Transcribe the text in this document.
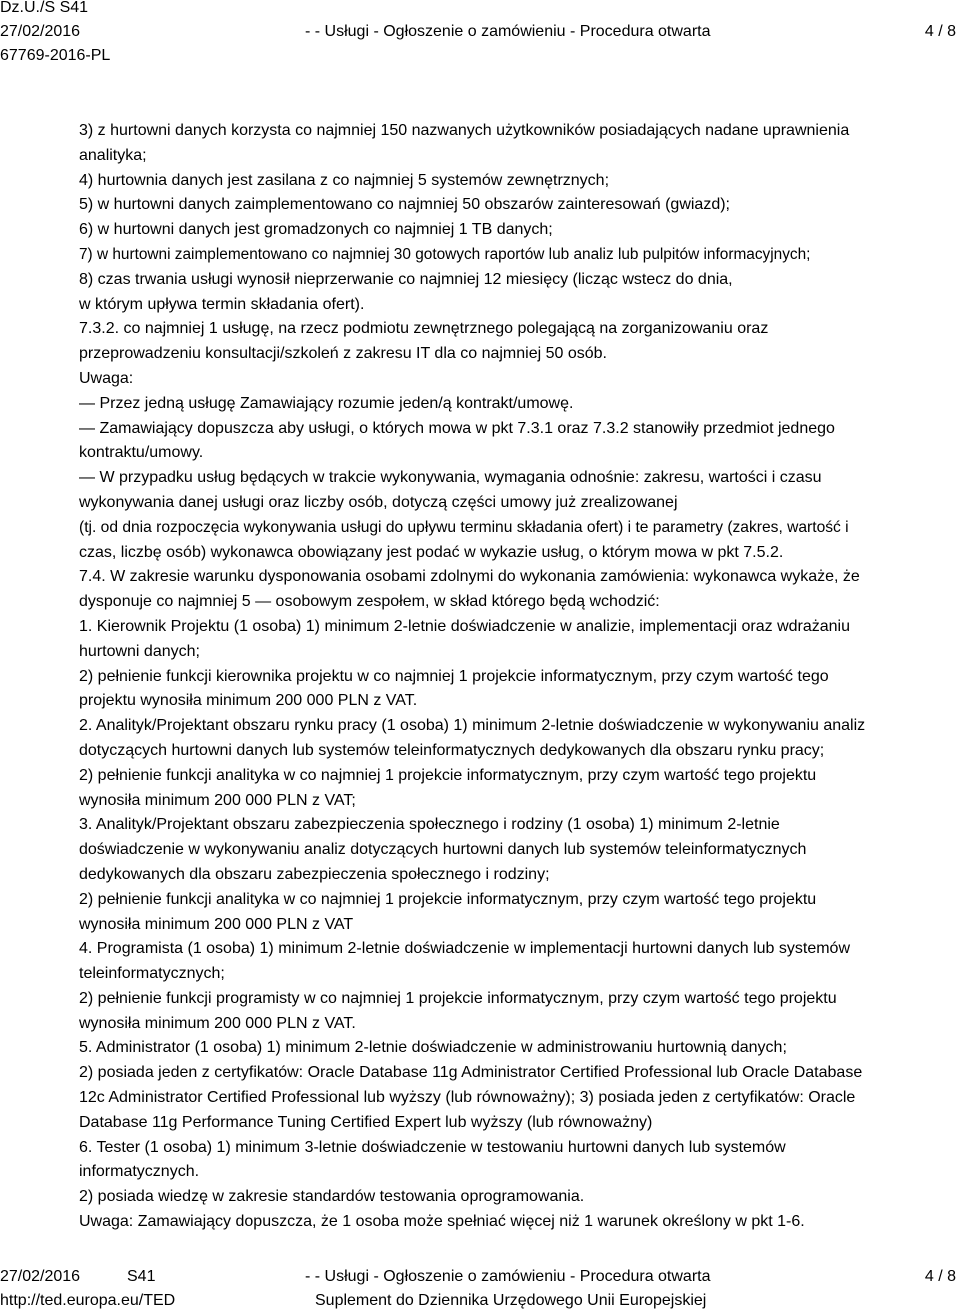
Dz.U./S S41
27/02/2016	- - Usługi - Ogłoszenie o zamówieniu - Procedura otwarta	4 / 8
67769-2016-PL

3) z hurtowni danych korzysta co najmniej 150 nazwanych użytkowników posiadających nadane uprawnienia

analityka;

4) hurtownia danych jest zasilana z co najmniej 5 systemów zewnętrznych;

5) w hurtowni danych zaimplementowano co najmniej 50 obszarów zainteresowań (gwiazd);

6) w hurtowni danych jest gromadzonych co najmniej 1 TB danych;

7) w hurtowni zaimplementowano co najmniej 30 gotowych raportów lub analiz lub pulpitów informacyjnych;

8) czas trwania usługi wynosił nieprzerwanie co najmniej 12 miesięcy (licząc wstecz do dnia,

w którym upływa termin składania ofert).

7.3.2. co najmniej 1 usługę, na rzecz podmiotu zewnętrznego polegającą na zorganizowaniu oraz

przeprowadzeniu konsultacji/szkoleń z zakresu IT dla co najmniej 50 osób.

Uwaga:

— Przez jedną usługę Zamawiający rozumie jeden/ą kontrakt/umowę.

— Zamawiający dopuszcza aby usługi, o których mowa w pkt 7.3.1 oraz 7.3.2 stanowiły przedmiot jednego

kontraktu/umowy.

— W przypadku usług będących w trakcie wykonywania, wymagania odnośnie: zakresu, wartości i czasu

wykonywania danej usługi oraz liczby osób, dotyczą części umowy już zrealizowanej

(tj. od dnia rozpoczęcia wykonywania usługi do upływu terminu składania ofert) i te parametry (zakres, wartość i

czas, liczbę osób) wykonawca obowiązany jest podać w wykazie usług, o którym mowa w pkt 7.5.2.

7.4. W zakresie warunku dysponowania osobami zdolnymi do wykonania zamówienia: wykonawca wykaże, że

dysponuje co najmniej 5 — osobowym zespołem, w skład którego będą wchodzić:

1. Kierownik Projektu (1 osoba) 1) minimum 2-letnie doświadczenie w analizie, implementacji oraz wdrażaniu

hurtowni danych;

2) pełnienie funkcji kierownika projektu w co najmniej 1 projekcie informatycznym, przy czym wartość tego

projektu wynosiła minimum 200 000 PLN z VAT.

2. Analityk/Projektant obszaru rynku pracy (1 osoba) 1) minimum 2-letnie doświadczenie w wykonywaniu analiz

dotyczących hurtowni danych lub systemów teleinformatycznych dedykowanych dla obszaru rynku pracy;

2) pełnienie funkcji analityka w co najmniej 1 projekcie informatycznym, przy czym wartość tego projektu

wynosiła minimum 200 000 PLN z VAT;

3. Analityk/Projektant obszaru zabezpieczenia społecznego i rodziny (1 osoba) 1) minimum 2-letnie

doświadczenie w wykonywaniu analiz dotyczących hurtowni danych lub systemów teleinformatycznych

dedykowanych dla obszaru zabezpieczenia społecznego i rodziny;

2) pełnienie funkcji analityka w co najmniej 1 projekcie informatycznym, przy czym wartość tego projektu

wynosiła minimum 200 000 PLN z VAT

4. Programista (1 osoba) 1) minimum 2-letnie doświadczenie w implementacji hurtowni danych lub systemów

teleinformatycznych;

2) pełnienie funkcji programisty w co najmniej 1 projekcie informatycznym, przy czym wartość tego projektu

wynosiła minimum 200 000 PLN z VAT.

5. Administrator (1 osoba) 1) minimum 2-letnie doświadczenie w administrowaniu hurtownią danych;

2) posiada jeden z certyfikatów: Oracle Database 11g Administrator Certified Professional lub Oracle Database

12c Administrator Certified Professional lub wyższy (lub równoważny); 3) posiada jeden z certyfikatów: Oracle

Database 11g Performance Tuning Certified Expert lub wyższy (lub równoważny)

6. Tester (1 osoba) 1) minimum 3-letnie doświadczenie w testowaniu hurtowni danych lub systemów

informatycznych.

2) posiada wiedzę w zakresie standardów testowania oprogramowania.

Uwaga: Zamawiający dopuszcza, że 1 osoba może spełniać więcej niż 1 warunek określony w pkt 1-6.

27/02/2016	S41	- - Usługi - Ogłoszenie o zamówieniu - Procedura otwarta	4 / 8
http://ted.europa.eu/TED	Suplement do Dziennika Urzędowego Unii Europejskiej
